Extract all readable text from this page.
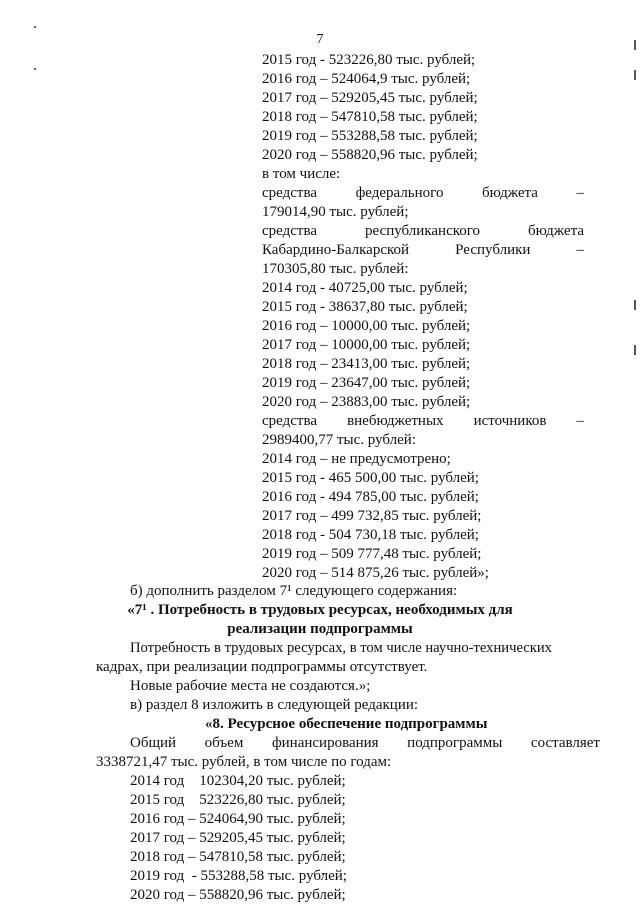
7
2015 год - 523226,80 тыс. рублей;
2016 год – 524064,9 тыс. рублей;
2017 год – 529205,45 тыс. рублей;
2018 год – 547810,58 тыс. рублей;
2019 год – 553288,58 тыс. рублей;
2020 год – 558820,96 тыс. рублей;
в том числе:
средства	федерального	бюджета	–
179014,90 тыс. рублей;
средства	республиканского	бюджета
Кабардино-Балкарской	Республики	–
170305,80 тыс. рублей:
2014 год - 40725,00 тыс. рублей;
2015 год - 38637,80 тыс. рублей;
2016 год – 10000,00 тыс. рублей;
2017 год – 10000,00 тыс. рублей;
2018 год – 23413,00 тыс. рублей;
2019 год – 23647,00 тыс. рублей;
2020 год – 23883,00 тыс. рублей;
средства внебюджетных источников –
2989400,77 тыс. рублей:
2014 год – не предусмотрено;
2015 год - 465 500,00 тыс. рублей;
2016 год - 494 785,00 тыс. рублей;
2017 год – 499 732,85 тыс. рублей;
2018 год - 504 730,18 тыс. рублей;
2019 год – 509 777,48 тыс. рублей;
2020 год – 514 875,26 тыс. рублей»;
б) дополнить разделом 7¹ следующего содержания:
«7¹ . Потребность в трудовых ресурсах, необходимых для
реализации подпрограммы
Потребность в трудовых ресурсах, в том числе научно-технических
кадрах, при реализации подпрограммы отсутствует.
Новые рабочие места не создаются.»;
в) раздел 8 изложить в следующей редакции:
«8. Ресурсное обеспечение подпрограммы
Общий объем финансирования подпрограммы составляет
3338721,47 тыс. рублей, в том числе по годам:
2014 год    102304,20 тыс. рублей;
2015 год    523226,80 тыс. рублей;
2016 год – 524064,90 тыс. рублей;
2017 год – 529205,45 тыс. рублей;
2018 год – 547810,58 тыс. рублей;
2019 год  - 553288,58 тыс. рублей;
2020 год – 558820,96 тыс. рублей;
